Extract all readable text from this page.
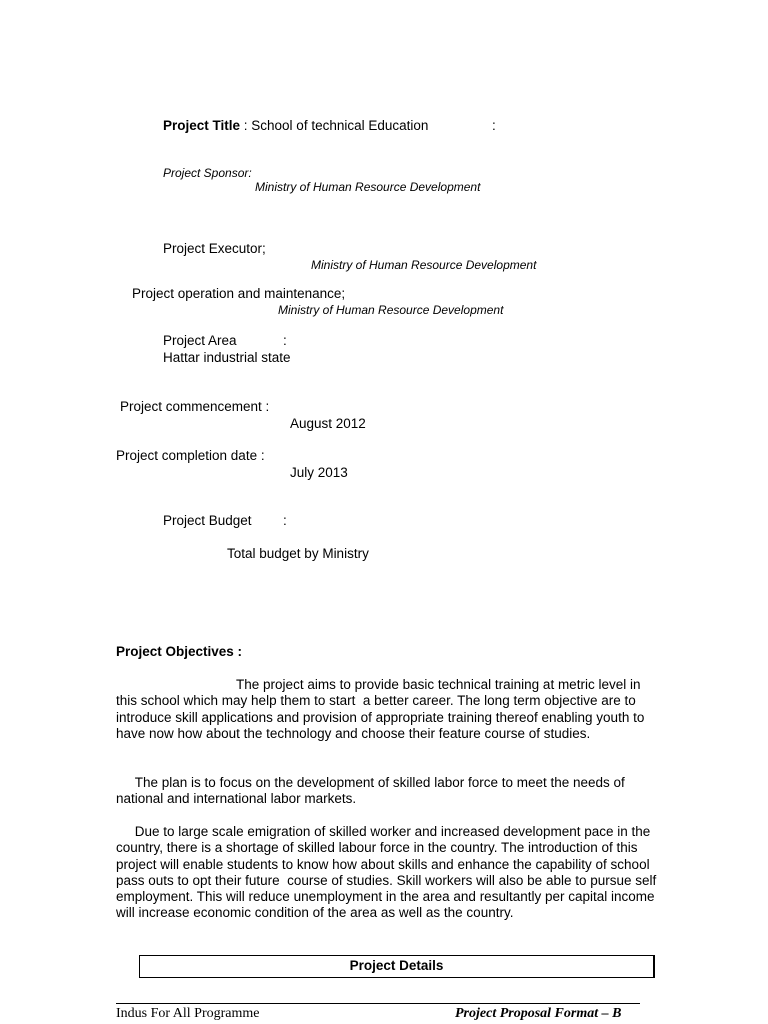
Project Title : School of technical Education	:
Project Sponsor:
Ministry of Human Resource Development
Project Executor;
Ministry of Human Resource Development
Project operation and maintenance;
Ministry of Human Resource Development
Project Area	:
Hattar industrial state
Project commencement :
August 2012
Project completion date :
July 2013
Project Budget :
Total budget by Ministry
Project Objectives :
The project aims to provide basic technical training at metric level in this school which may help them to start  a better career. The long term objective are to introduce skill applications and provision of appropriate training thereof enabling youth to have now how about the technology and choose their feature course of studies.
The plan is to focus on the development of skilled labor force to meet the needs of national and international labor markets.
Due to large scale emigration of skilled worker and increased development pace in the country, there is a shortage of skilled labour force in the country. The introduction of this project will enable students to know how about skills and enhance the capability of school pass outs to opt their future  course of studies. Skill workers will also be able to pursue self employment. This will reduce unemployment in the area and resultantly per capital income will increase economic condition of the area as well as the country.
Project Details
Indus For All Programme	Project Proposal Format – B
